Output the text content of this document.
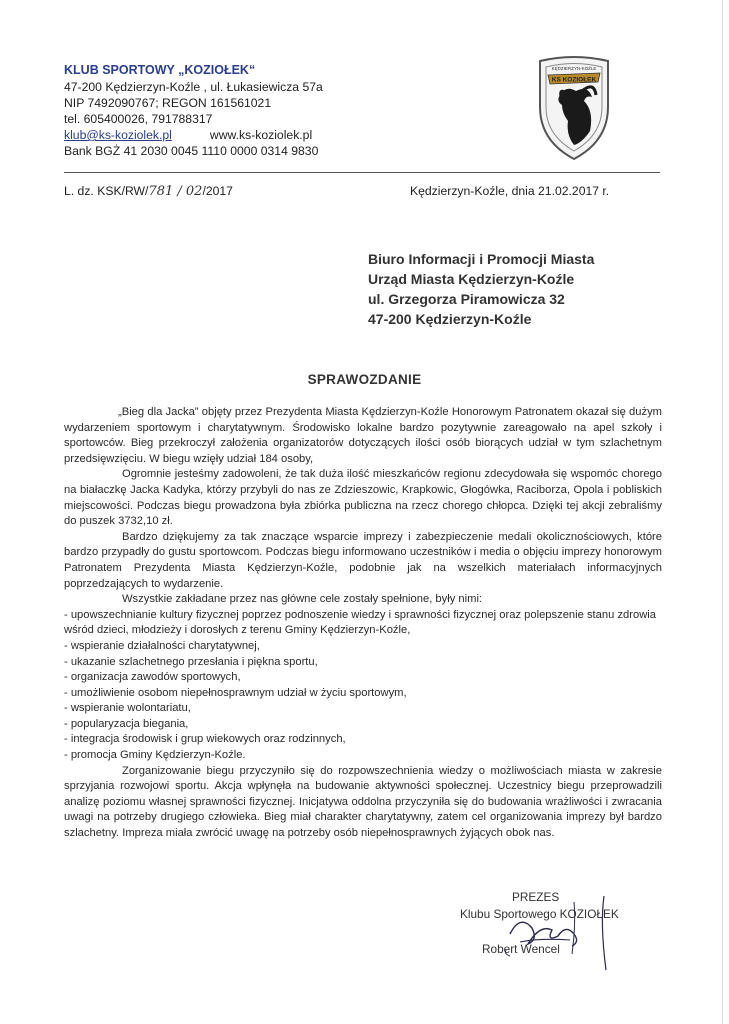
KLUB SPORTOWY „KOZIOŁEK“
47-200 Kędzierzyn-Koźle , ul. Łukasiewicza 57a
NIP 7492090767; REGON 161561021
tel. 605400026, 791788317
klub@ks-koziolek.pl	www.ks-koziolek.pl
Bank BGŻ 41 2030 0045 1110 0000 0314 9830
KĘDZIERZYN-KOŹLE
KS KOZIOŁEK
L. dz. KSK/RW/781 / 02/2017	Kędzierzyn-Koźle, dnia 21.02.2017 r.
Biuro Informacji i Promocji Miasta
Urząd Miasta Kędzierzyn-Koźle
ul. Grzegorza Piramowicza 32
47-200 Kędzierzyn-Koźle
SPRAWOZDANIE

„Bieg dla Jacka” objęty przez Prezydenta Miasta Kędzierzyn-Koźle Honorowym Patronatem okazał się dużym wydarzeniem sportowym i charytatywnym. Środowisko lokalne bardzo pozytywnie zareagowało na apel szkoły i sportowców. Bieg przekroczył założenia organizatorów dotyczących ilości osób biorących udział w tym szlachetnym przedsięwzięciu. W biegu wzięły udział 184 osoby,

Ogromnie jesteśmy zadowoleni, że tak duża ilość mieszkańców regionu zdecydowała się wspomóc chorego na białaczkę Jacka Kadyka, którzy przybyli do nas ze Zdzieszowic, Krapkowic, Głogówka, Raciborza, Opola i pobliskich miejscowości. Podczas biegu prowadzona była zbiórka publiczna na rzecz chorego chłopca. Dzięki tej akcji zebraliśmy do puszek 3732,10 zł.

Bardzo dziękujemy za tak znaczące wsparcie imprezy i zabezpieczenie medali okolicznościowych, które bardzo przypadły do gustu sportowcom. Podczas biegu informowano uczestników i media o objęciu imprezy honorowym Patronatem Prezydenta Miasta Kędzierzyn-Koźle, podobnie jak na wszelkich materiałach informacyjnych poprzedzających to wydarzenie.

Wszystkie zakładane przez nas główne cele zostały spełnione, były nimi:

- upowszechnianie kultury fizycznej poprzez podnoszenie wiedzy i sprawności fizycznej oraz polepszenie stanu zdrowia wśród dzieci, młodzieży i dorosłych z terenu Gminy Kędzierzyn-Koźle,

- wspieranie działalności charytatywnej,

- ukazanie szlachetnego przesłania i piękna sportu,

- organizacja zawodów sportowych,

- umożliwienie osobom niepełnosprawnym udział w życiu sportowym,

- wspieranie wolontariatu,

- popularyzacja biegania,

- integracja środowisk i grup wiekowych oraz rodzinnych,

- promocja Gminy Kędzierzyn-Koźle.

Zorganizowanie biegu przyczyniło się do rozpowszechnienia wiedzy o możliwościach miasta w zakresie sprzyjania rozwojowi sportu. Akcja wpłynęła na budowanie aktywności społecznej. Uczestnicy biegu przeprowadzili analizę poziomu własnej sprawności fizycznej. Inicjatywa oddolna przyczyniła się do budowania wrażliwości i zwracania uwagi na potrzeby drugiego człowieka. Bieg miał charakter charytatywny, zatem cel organizowania imprezy był bardzo szlachetny. Impreza miała zwrócić uwagę na potrzeby osób niepełnosprawnych żyjących obok nas.

PREZES
Klubu Sportowego KOZIOŁEK
Robert Wencel
